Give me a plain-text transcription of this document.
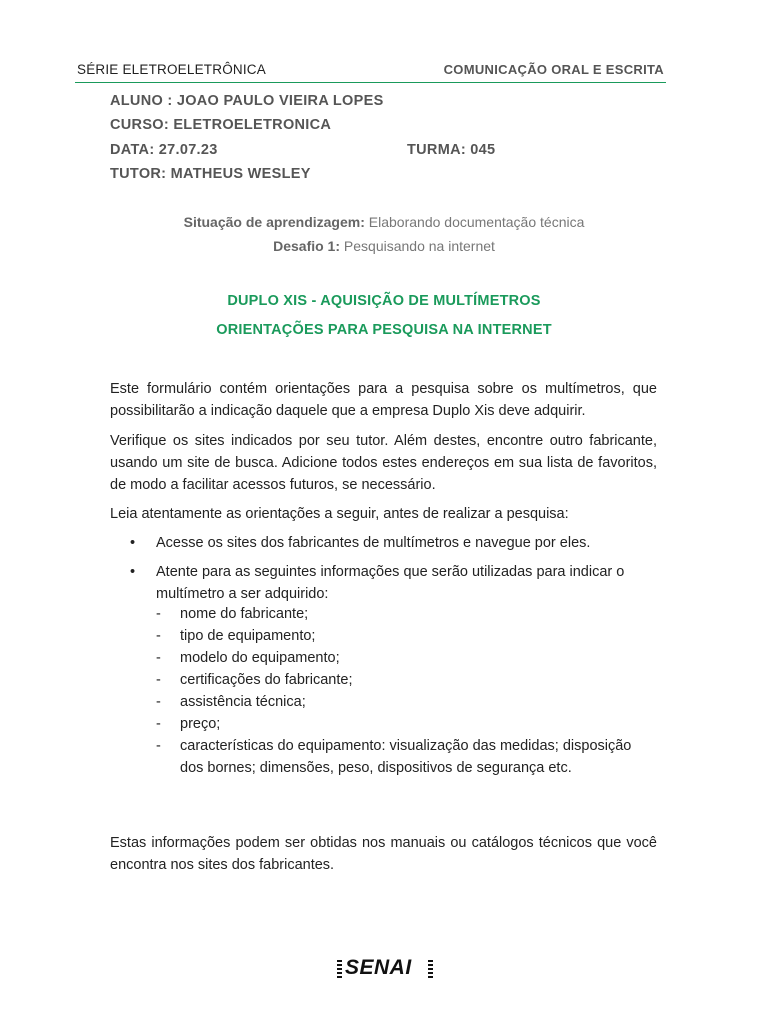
SÉRIE ELETROELETRÔNICA	COMUNICAÇÃO ORAL E ESCRITA
ALUNO : JOAO PAULO VIEIRA LOPES
CURSO: ELETROELETRONICA
DATA: 27.07.23	TURMA: 045
TUTOR: MATHEUS WESLEY
Situação de aprendizagem: Elaborando documentação técnica
Desafio 1: Pesquisando na internet
DUPLO XIS - AQUISIÇÃO DE MULTÍMETROS
ORIENTAÇÕES PARA PESQUISA NA INTERNET
Este formulário contém orientações para a pesquisa sobre os multímetros, que possibilitarão a indicação daquele que a empresa Duplo Xis deve adquirir.
Verifique os sites indicados por seu tutor. Além destes, encontre outro fabricante, usando um site de busca. Adicione todos estes endereços em sua lista de favoritos, de modo a facilitar acessos futuros, se necessário.
Leia atentamente as orientações a seguir, antes de realizar a pesquisa:
•	Acesse os sites dos fabricantes de multímetros e navegue por eles.
•	Atente para as seguintes informações que serão utilizadas para indicar o multímetro a ser adquirido:
- nome do fabricante;
- tipo de equipamento;
- modelo do equipamento;
- certificações do fabricante;
- assistência técnica;
- preço;
- características do equipamento: visualização das medidas; disposição dos bornes; dimensões, peso, dispositivos de segurança etc.
Estas informações podem ser obtidas nos manuais ou catálogos técnicos que você encontra nos sites dos fabricantes.
SENAI
